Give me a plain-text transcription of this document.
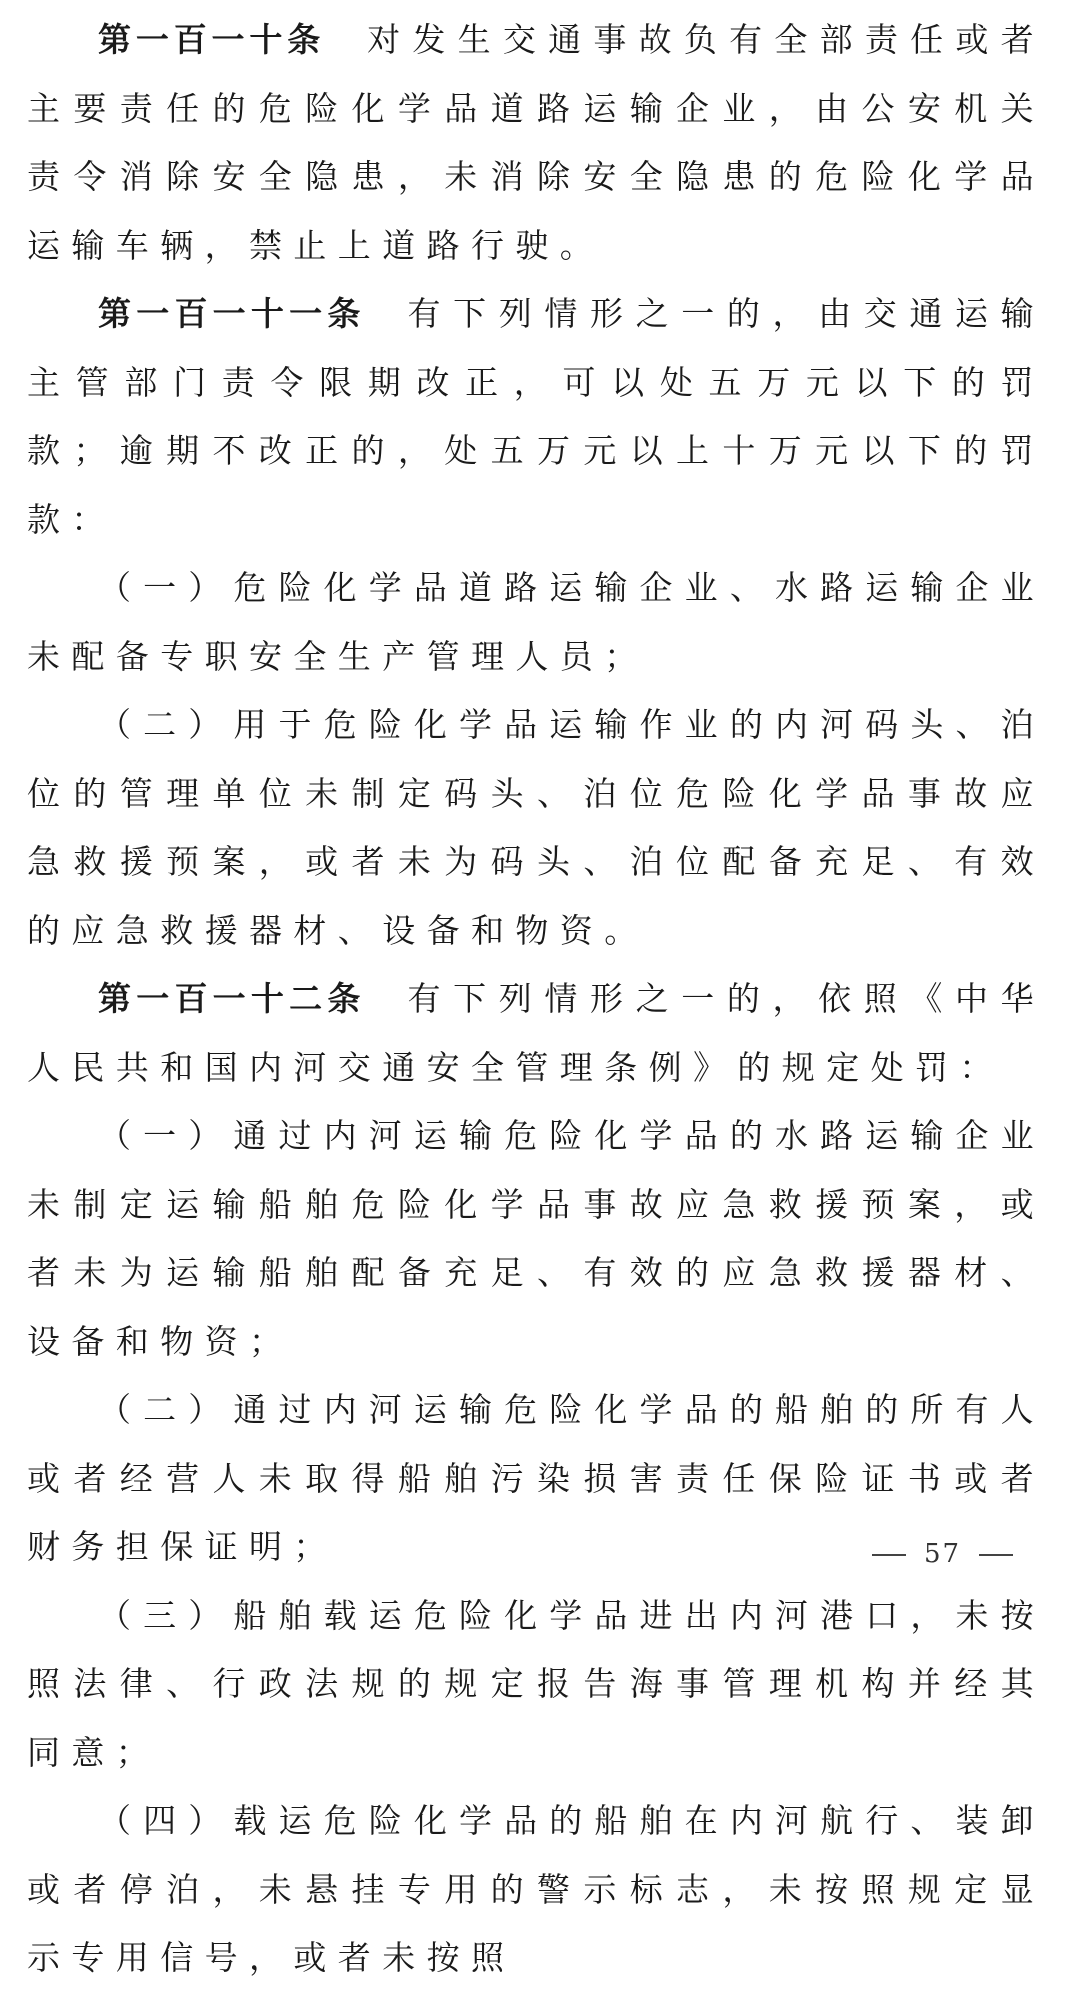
第一百一十条 对发生交通事故负有全部责任或者主要责任的危险化学品道路运输企业，由公安机关责令消除安全隐患，未消除安全隐患的危险化学品运输车辆，禁止上道路行驶。

第一百一十一条 有下列情形之一的，由交通运输主管部门责令限期改正，可以处五万元以下的罚款；逾期不改正的，处五万元以上十万元以下的罚款：

（一）危险化学品道路运输企业、水路运输企业未配备专职安全生产管理人员；

（二）用于危险化学品运输作业的内河码头、泊位的管理单位未制定码头、泊位危险化学品事故应急救援预案，或者未为码头、泊位配备充足、有效的应急救援器材、设备和物资。

第一百一十二条 有下列情形之一的，依照《中华人民共和国内河交通安全管理条例》的规定处罚：

（一）通过内河运输危险化学品的水路运输企业未制定运输船舶危险化学品事故应急救援预案，或者未为运输船舶配备充足、有效的应急救援器材、设备和物资；

（二）通过内河运输危险化学品的船舶的所有人或者经营人未取得船舶污染损害责任保险证书或者财务担保证明；

（三）船舶载运危险化学品进出内河港口，未按照法律、行政法规的规定报告海事管理机构并经其同意；

（四）载运危险化学品的船舶在内河航行、装卸或者停泊，未悬挂专用的警示标志，未按照规定显示专用信号，或者未按照

57
